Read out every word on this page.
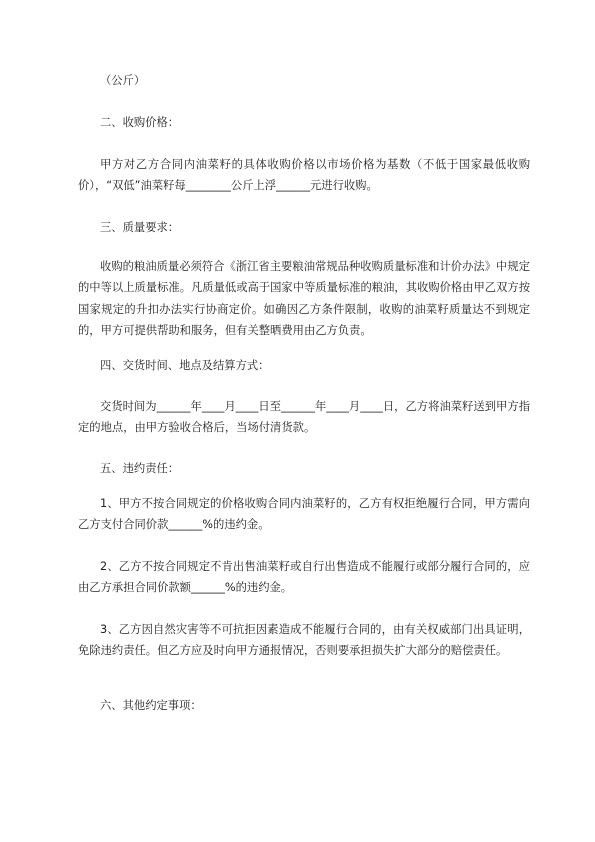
（公斤）

二、收购价格：

甲方对乙方合同内油菜籽的具体收购价格以市场价格为基数（不低于国家最低收购价），“双低”油菜籽每________公斤上浮______元进行收购。

三、质量要求：

收购的粮油质量必须符合《浙江省主要粮油常规品种收购质量标准和计价办法》中规定的中等以上质量标准。凡质量低或高于国家中等质量标准的粮油，其收购价格由甲乙双方按国家规定的升扣办法实行协商定价。如确因乙方条件限制，收购的油菜籽质量达不到规定的，甲方可提供帮助和服务，但有关整晒费用由乙方负责。

四、交货时间、地点及结算方式：

交货时间为______年____月____日至______年____月____日，乙方将油菜籽送到甲方指定的地点，由甲方验收合格后，当场付清货款。

五、违约责任：

1、甲方不按合同规定的价格收购合同内油菜籽的，乙方有权拒绝履行合同，甲方需向乙方支付合同价款______%的违约金。

2、乙方不按合同规定不肯出售油菜籽或自行出售造成不能履行或部分履行合同的，应由乙方承担合同价款额______%的违约金。

3、乙方因自然灾害等不可抗拒因素造成不能履行合同的，由有关权威部门出具证明，免除违约责任。但乙方应及时向甲方通报情况，否则要承担损失扩大部分的赔偿责任。

六、其他约定事项：
